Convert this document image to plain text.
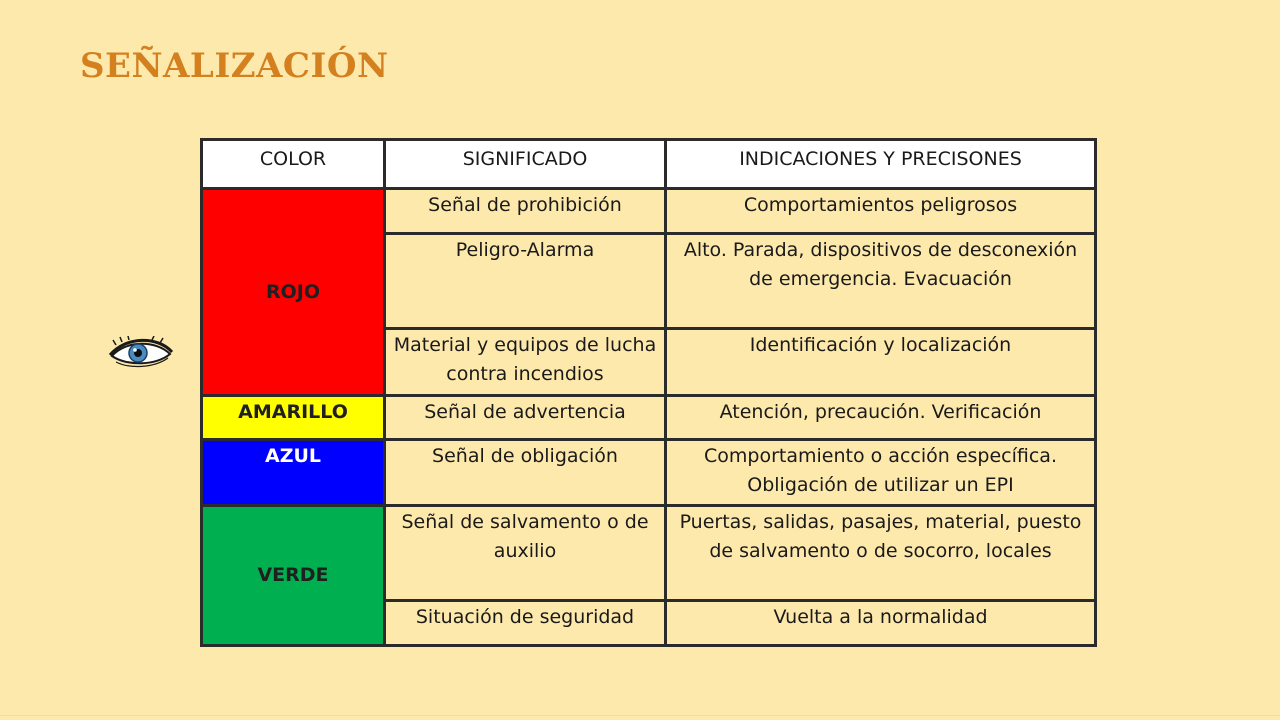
SEÑALIZACIÓN
COLOR	SIGNIFICADO	INDICACIONES Y PRECISONES
ROJO	Señal de prohibición	Comportamientos peligrosos
	Peligro-Alarma	Alto. Parada, dispositivos de desconexión de emergencia. Evacuación
	Material y equipos de lucha contra incendios	Identificación y localización
AMARILLO	Señal de advertencia	Atención, precaución. Verificación
AZUL	Señal de obligación	Comportamiento o acción específica. Obligación de utilizar un EPI
VERDE	Señal de salvamento o de auxilio	Puertas, salidas, pasajes, material, puesto de salvamento o de socorro, locales
	Situación de seguridad	Vuelta a la normalidad
